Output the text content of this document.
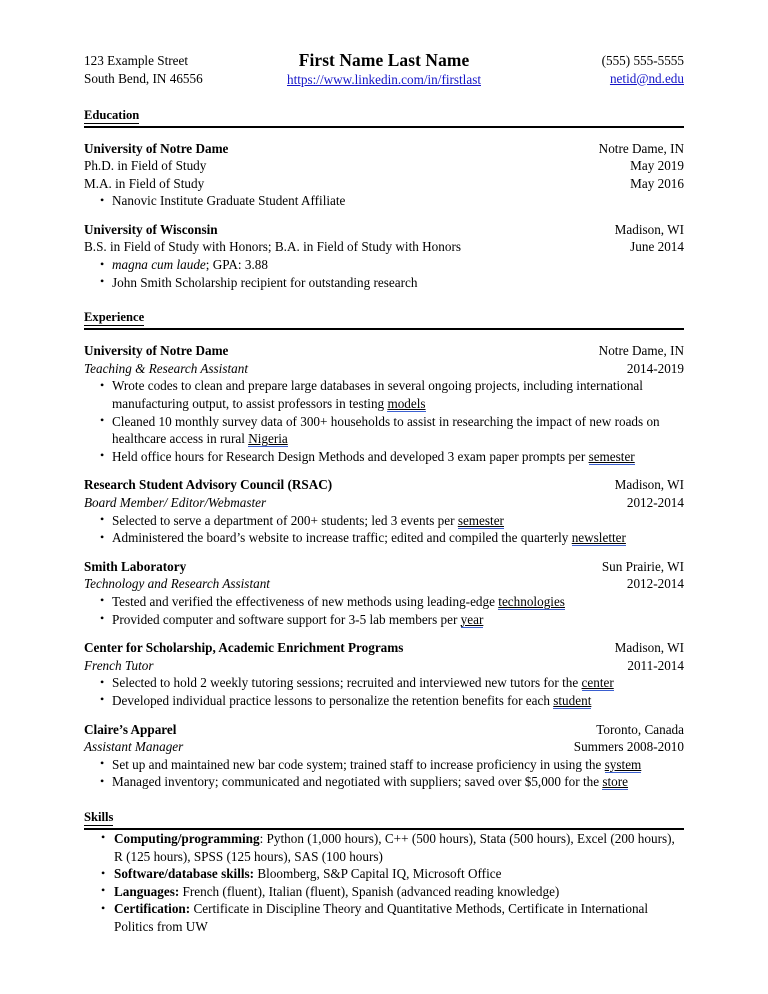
123 Example Street
South Bend, IN 46556
First Name Last Name
https://www.linkedin.com/in/firstlast
(555) 555-5555
netid@nd.edu
Education
University of Notre Dame	Notre Dame, IN
Ph.D. in Field of Study	May 2019
M.A. in Field of Study	May 2016
• Nanovic Institute Graduate Student Affiliate
University of Wisconsin	Madison, WI
B.S. in Field of Study with Honors; B.A. in Field of Study with Honors	June 2014
• magna cum laude; GPA: 3.88
• John Smith Scholarship recipient for outstanding research
Experience
University of Notre Dame	Notre Dame, IN
Teaching & Research Assistant	2014-2019
• Wrote codes to clean and prepare large databases in several ongoing projects, including international manufacturing output, to assist professors in testing models
• Cleaned 10 monthly survey data of 300+ households to assist in researching the impact of new roads on healthcare access in rural Nigeria
• Held office hours for Research Design Methods and developed 3 exam paper prompts per semester
Research Student Advisory Council (RSAC)	Madison, WI
Board Member/ Editor/Webmaster	2012-2014
• Selected to serve a department of 200+ students; led 3 events per semester
• Administered the board’s website to increase traffic; edited and compiled the quarterly newsletter
Smith Laboratory	Sun Prairie, WI
Technology and Research Assistant	2012-2014
• Tested and verified the effectiveness of new methods using leading-edge technologies
• Provided computer and software support for 3-5 lab members per year
Center for Scholarship, Academic Enrichment Programs	Madison, WI
French Tutor	2011-2014
• Selected to hold 2 weekly tutoring sessions; recruited and interviewed new tutors for the center
• Developed individual practice lessons to personalize the retention benefits for each student
Claire’s Apparel	Toronto, Canada
Assistant Manager	Summers 2008-2010
• Set up and maintained new bar code system; trained staff to increase proficiency in using the system
• Managed inventory; communicated and negotiated with suppliers; saved over $5,000 for the store
Skills
• Computing/programming: Python (1,000 hours), C++ (500 hours), Stata (500 hours), Excel (200 hours), R (125 hours), SPSS (125 hours), SAS (100 hours)
• Software/database skills: Bloomberg, S&P Capital IQ, Microsoft Office
• Languages: French (fluent), Italian (fluent), Spanish (advanced reading knowledge)
• Certification: Certificate in Discipline Theory and Quantitative Methods, Certificate in International Politics from UW
